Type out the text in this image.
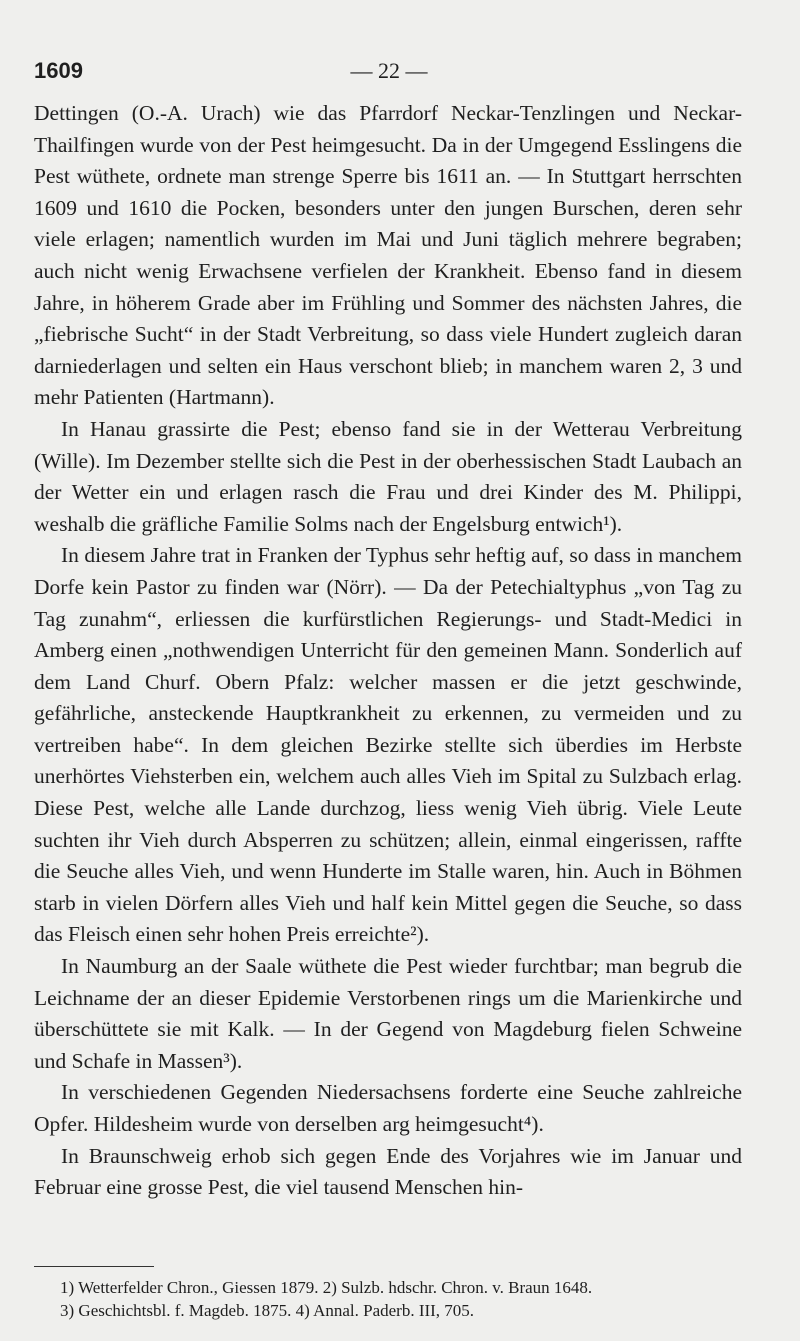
1609	— 22 —

Dettingen (O.-A. Urach) wie das Pfarrdorf Neckar-Tenzlingen und Neckar-Thailfingen wurde von der Pest heimgesucht. Da in der Umgegend Esslingens die Pest wüthete, ordnete man strenge Sperre bis 1611 an. — In Stuttgart herrschten 1609 und 1610 die Pocken, besonders unter den jungen Burschen, deren sehr viele erlagen; namentlich wurden im Mai und Juni täglich mehrere begraben; auch nicht wenig Erwachsene verfielen der Krankheit. Ebenso fand in diesem Jahre, in höherem Grade aber im Frühling und Sommer des nächsten Jahres, die „fiebrische Sucht“ in der Stadt Verbreitung, so dass viele Hundert zugleich daran darniederlagen und selten ein Haus verschont blieb; in manchem waren 2, 3 und mehr Patienten (Hartmann).

In Hanau grassirte die Pest; ebenso fand sie in der Wetterau Verbreitung (Wille). Im Dezember stellte sich die Pest in der oberhessischen Stadt Laubach an der Wetter ein und erlagen rasch die Frau und drei Kinder des M. Philippi, weshalb die gräfliche Familie Solms nach der Engelsburg entwich¹).

In diesem Jahre trat in Franken der Typhus sehr heftig auf, so dass in manchem Dorfe kein Pastor zu finden war (Nörr). — Da der Petechialtyphus „von Tag zu Tag zunahm“, erliessen die kurfürstlichen Regierungs- und Stadt-Medici in Amberg einen „nothwendigen Unterricht für den gemeinen Mann. Sonderlich auf dem Land Churf. Obern Pfalz: welcher massen er die jetzt geschwinde, gefährliche, ansteckende Hauptkrankheit zu erkennen, zu vermeiden und zu vertreiben habe“. In dem gleichen Bezirke stellte sich überdies im Herbste unerhörtes Viehsterben ein, welchem auch alles Vieh im Spital zu Sulzbach erlag. Diese Pest, welche alle Lande durchzog, liess wenig Vieh übrig. Viele Leute suchten ihr Vieh durch Absperren zu schützen; allein, einmal eingerissen, raffte die Seuche alles Vieh, und wenn Hunderte im Stalle waren, hin. Auch in Böhmen starb in vielen Dörfern alles Vieh und half kein Mittel gegen die Seuche, so dass das Fleisch einen sehr hohen Preis erreichte²).

In Naumburg an der Saale wüthete die Pest wieder furchtbar; man begrub die Leichname der an dieser Epidemie Verstorbenen rings um die Marienkirche und überschüttete sie mit Kalk. — In der Gegend von Magdeburg fielen Schweine und Schafe in Massen³).

In verschiedenen Gegenden Niedersachsens forderte eine Seuche zahlreiche Opfer. Hildesheim wurde von derselben arg heimgesucht⁴).

In Braunschweig erhob sich gegen Ende des Vorjahres wie im Januar und Februar eine grosse Pest, die viel tausend Menschen hin-

1) Wetterfelder Chron., Giessen 1879. 2) Sulzb. hdschr. Chron. v. Braun 1648.
3) Geschichtsbl. f. Magdeb. 1875. 4) Annal. Paderb. III, 705.
